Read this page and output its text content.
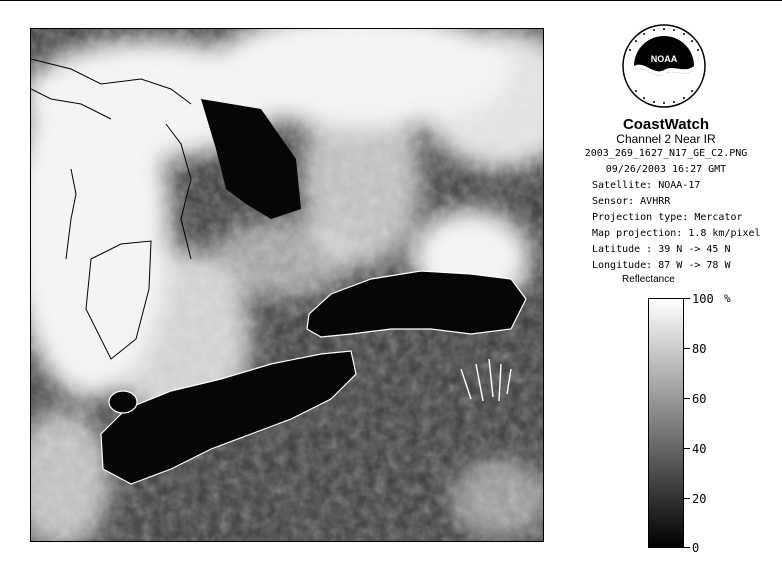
NOAA
CoastWatch
Channel 2 Near IR
2003_269_1627_N17_GE_C2.PNG
09/26/2003 16:27 GMT
Satellite: NOAA-17
Sensor: AVHRR
Projection type: Mercator
Map projection: 1.8 km/pixel
Latitude : 39 N -> 45 N
Longitude: 87 W -> 78 W
Reflectance
%
100
80
60
40
20
0
